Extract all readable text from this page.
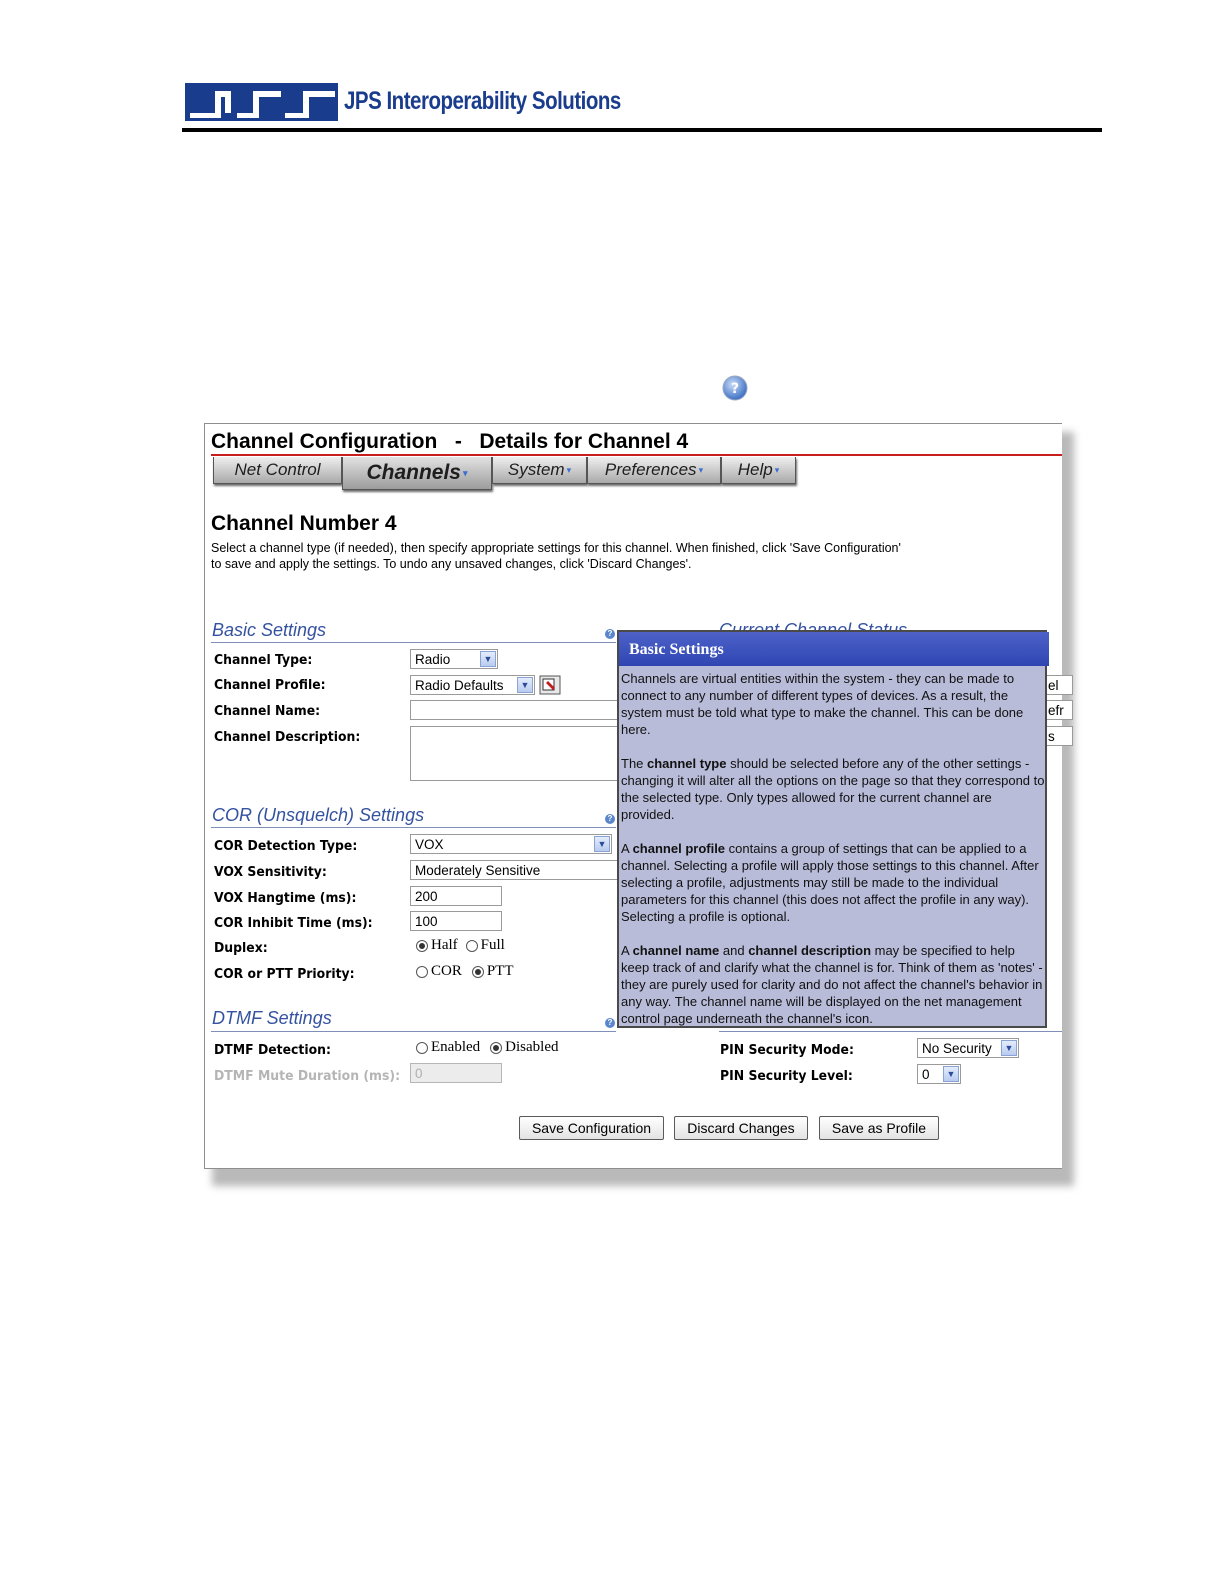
JPS Interoperability Solutions
?
Channel Configuration   -   Details for Channel 4
Net Control Channels ▾ System ▾ Preferences ▾ Help ▾
Channel Number 4
Select a channel type (if needed), then specify appropriate settings for this channel. When finished, click 'Save Configuration'
to save and apply the settings. To undo any unsaved changes, click 'Discard Changes'.
Basic Settings	?
Channel Type:	Radio	▼
Channel Profile:	Radio Defaults	▼
Channel Name:
Channel Description:
COR (Unsquelch) Settings	?
COR Detection Type:	VOX	▼
VOX Sensitivity:	Moderately Sensitive
VOX Hangtime (ms):	200
COR Inhibit Time (ms):	100
Duplex:	Half Full
COR or PTT Priority:	COR PTT
DTMF Settings	?
DTMF Detection:	Enabled Disabled
DTMF Mute Duration (ms):	0
PIN Security Mode:	No Security	▼
PIN Security Level:	0	▼
Save Configuration	Discard Changes	Save as Profile
el
efr
s
Basic Settings

Channels are virtual entities within the system - they can be made to connect to any number of different types of devices. As a result, the system must be told what type to make the channel. This can be done here.

The channel type should be selected before any of the other settings - changing it will alter all the options on the page so that they correspond to the selected type. Only types allowed for the current channel are provided.

A channel profile contains a group of settings that can be applied to a channel. Selecting a profile will apply those settings to this channel. After selecting a profile, adjustments may still be made to the individual parameters for this channel (this does not affect the profile in any way). Selecting a profile is optional.

A channel name and channel description may be specified to help keep track of and clarify what the channel is for. Think of them as 'notes' - they are purely used for clarity and do not affect the channel's behavior in any way. The channel name will be displayed on the net management control page underneath the channel's icon.
